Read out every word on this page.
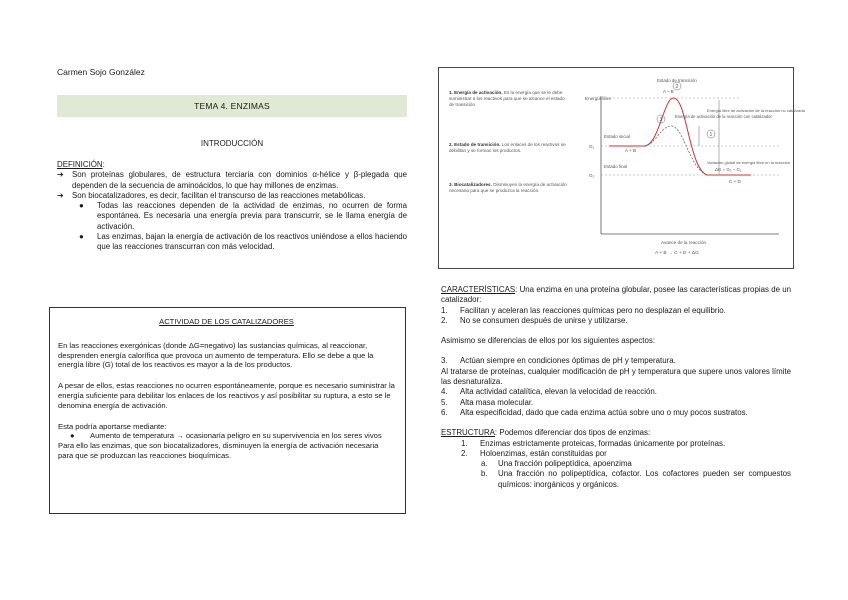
Carmen Sojo González
TEMA 4. ENZIMAS
INTRODUCCIÓN

DEFINICIÓN:

➔	Son proteínas globulares, de estructura terciaria con dominios α-hélice y β-plegada que dependen de la secuencia de aminoácidos, lo que hay millones de enzimas.
➔	Son biocatalizadores, es decir, facilitan el transcurso de las reacciones metabólicas.
●	Todas las reacciones dependen de la actividad de enzimas, no ocurren de forma espontánea. Es necesaria una energía previa para transcurrir, se le llama energía de activación.
●	Las enzimas, bajan la energía de activación de los reactivos uniéndose a ellos haciendo que las reacciones transcurran con más velocidad.

ACTIVIDAD DE LOS CATALIZADORES

En las reacciones exergónicas (donde ΔG=negativo) las sustancias químicas, al reaccionar, desprenden energía calorífica que provoca un aumento de temperatura. Ello se debe a que la energía libre (G) total de los reactivos es mayor a la de los productos.

A pesar de ellos, estas reacciones no ocurren espontáneamente, porque es necesario suministrar la energía suficiente para debilitar los enlaces de los reactivos y así posibilitar su ruptura, a esto se le denomina energía de activación.

Esta podría aportarse mediante:

●	Aumento de temperatura → ocasionaría peligro en su supervivencia en los seres vivos

Para ello las enzimas, que son biocatalizadores, disminuyen la energía de activación necesaria para que se produzcan las reacciones bioquímicas.

1. Energía de activación. Es la energía que se le debe suministrar a los reactivos para que se alcance el estado de transición.
2. Estado de transición. Los enlaces de los reactivos se debilitan y se forman los productos.
3. Biocatalizadores. Disminuyen la energía de activación necesaria para que se produzca la reacción.
Energía libre
2
3
1
Estado de transición
A ~ B
Energía de activación de la reacción con catalizador
Energía libre de activación de la reacción no catalizada
Variación global de energía libre en la reacción
ΔG = G₂ − G₁
Estado inicial
A + B
Estado final
C + D
G₁
G₂
Avance de la reacción
A + B → C + D + ΔG

CARACTERÍSTICAS: Una enzima en una proteína globular, posee las características propias de un catalizador:

1.	Facilitan y aceleran las reacciones químicas pero no desplazan el equilibrio.
2.	No se consumen después de unirse y utilizarse.

Asimismo se diferencias de ellos por los siguientes aspectos:

3.	Actúan siempre en condiciones óptimas de pH y temperatura.

Al tratarse de proteínas, cualquier modificación de pH y temperatura que supere unos valores límite las desnaturaliza.

4.	Alta actividad catalítica, elevan la velocidad de reacción.
5.	Alta masa molecular.
6.	Alta especificidad, dado que cada enzima actúa sobre uno o muy pocos sustratos.

ESTRUCTURA: Podemos diferenciar dos tipos de enzimas:

1.	Enzimas estrictamente proteicas, formadas únicamente por proteínas.
2.	Holoenzimas, están constituidas por
a.	Una fracción polipeptídica, apoenzima
b.	Una fracción no polipeptídica, cofactor. Los cofactores pueden ser compuestos químicos: inorgánicos y orgánicos.
